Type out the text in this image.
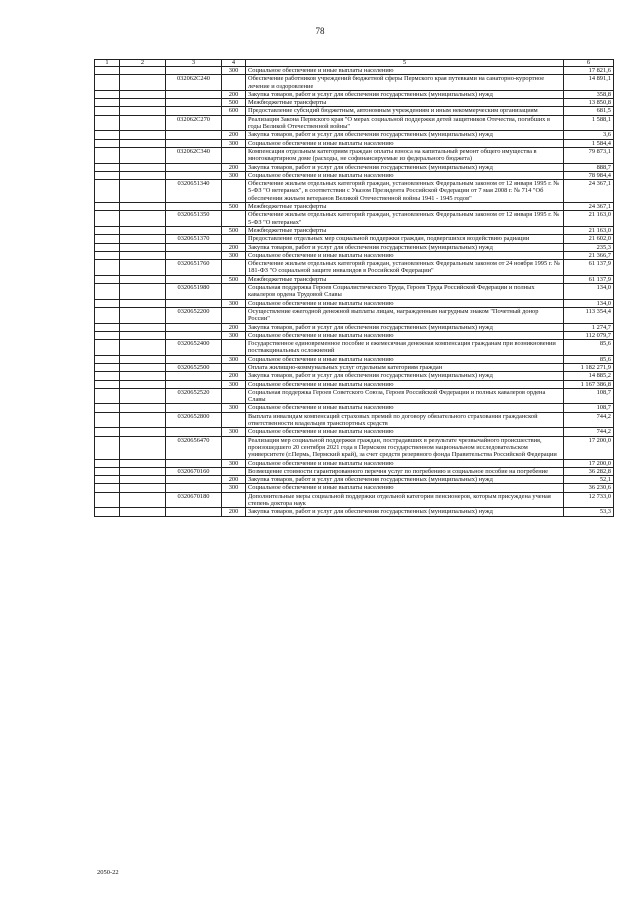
78
1	2	3	4	5	6
			300	Социальное обеспечение и иные выплаты населению	17 821,6
		032062С240		Обеспечение работников учреждений бюджетной сферы Пермского края путевками на санаторно-курортное лечение и оздоровление	14 891,1
			200	Закупка товаров, работ и услуг для обеспечения государственных (муниципальных) нужд	358,8
			500	Межбюджетные трансферты	13 850,8
			600	Предоставление субсидий бюджетным, автономным учреждениям и иным некоммерческим организациям	681,5
		032062С270		Реализация Закона Пермского края "О мерах социальной поддержки детей защитников Отечества, погибших в годы Великой Отечественной войны"	1 588,1
			200	Закупка товаров, работ и услуг для обеспечения государственных (муниципальных) нужд	3,6
			300	Социальное обеспечение и иные выплаты населению	1 584,4
		032062С340		Компенсация отдельным категориям граждан оплаты взноса на капитальный ремонт общего имущества в многоквартирном доме (расходы, не софинансируемые из федерального бюджета)	79 873,1
			200	Закупка товаров, работ и услуг для обеспечения государственных (муниципальных) нужд	888,7
			300	Социальное обеспечение и иные выплаты населению	78 984,4
		0320651340		Обеспечение жильем отдельных категорий граждан, установленных Федеральным законом от 12 января 1995 г. № 5-ФЗ "О ветеранах", в соответствии с Указом Президента Российской Федерации от 7 мая 2008 г. № 714 "Об обеспечении жильем ветеранов Великой Отечественной войны 1941 - 1945 годов"	24 367,1
			500	Межбюджетные трансферты	24 367,1
		0320651350		Обеспечение жильем отдельных категорий граждан, установленных Федеральным законом от 12 января 1995 г. № 5-ФЗ "О ветеранах"	21 163,0
			500	Межбюджетные трансферты	21 163,0
		0320651370		Предоставление отдельных мер социальной поддержки граждан, подвергшихся воздействию радиации	21 602,0
			200	Закупка товаров, работ и услуг для обеспечения государственных (муниципальных) нужд	235,3
			300	Социальное обеспечение и иные выплаты населению	21 366,7
		0320651760		Обеспечение жильем отдельных категорий граждан, установленных Федеральным законом от 24 ноября 1995 г. № 181-ФЗ "О социальной защите инвалидов в Российской Федерации"	61 137,9
			500	Межбюджетные трансферты	61 137,9
		0320651980		Социальная поддержка Героев Социалистического Труда, Героев Труда Российской Федерации и полных кавалеров ордена Трудовой Славы	134,0
			300	Социальное обеспечение и иные выплаты населению	134,0
		0320652200		Осуществление ежегодной денежной выплаты лицам, награжденным нагрудным знаком "Почетный донор России"	113 354,4
			200	Закупка товаров, работ и услуг для обеспечения государственных (муниципальных) нужд	1 274,7
			300	Социальное обеспечение и иные выплаты населению	112 079,7
		0320652400		Государственное единовременное пособие и ежемесячная денежная компенсация гражданам при возникновении поствакцинальных осложнений	85,6
			300	Социальное обеспечение и иные выплаты населению	85,6
		0320652500		Оплата жилищно-коммунальных услуг отдельным категориям граждан	1 182 271,9
			200	Закупка товаров, работ и услуг для обеспечения государственных (муниципальных) нужд	14 885,2
			300	Социальное обеспечение и иные выплаты населению	1 167 386,8
		0320652520		Социальная поддержка Героев Советского Союза, Героев Российской Федерации и полных кавалеров ордена Славы	108,7
			300	Социальное обеспечение и иные выплаты населению	108,7
		0320652800		Выплата инвалидам компенсаций страховых премий по договору обязательного страхования гражданской ответственности владельцев транспортных средств	744,2
			300	Социальное обеспечение и иные выплаты населению	744,2
		0320656470		Реализация мер социальной поддержки граждан, пострадавших в результате чрезвычайного происшествия, произошедшего 20 сентября 2021 года в Пермском государственном национальном исследовательском университете (г.Пермь, Пермский край), за счет средств резервного фонда Правительства Российской Федерации	17 200,0
			300	Социальное обеспечение и иные выплаты населению	17 200,0
		0320670160		Возмещение стоимости гарантированного перечня услуг по погребению и социальное пособие на погребение	36 282,8
			200	Закупка товаров, работ и услуг для обеспечения государственных (муниципальных) нужд	52,1
			300	Социальное обеспечение и иные выплаты населению	36 230,6
		0320670180		Дополнительные меры социальной поддержки отдельной категории пенсионеров, которым присуждена ученая степень доктора наук	12 733,0
			200	Закупка товаров, работ и услуг для обеспечения государственных (муниципальных) нужд	53,3
2050-22
